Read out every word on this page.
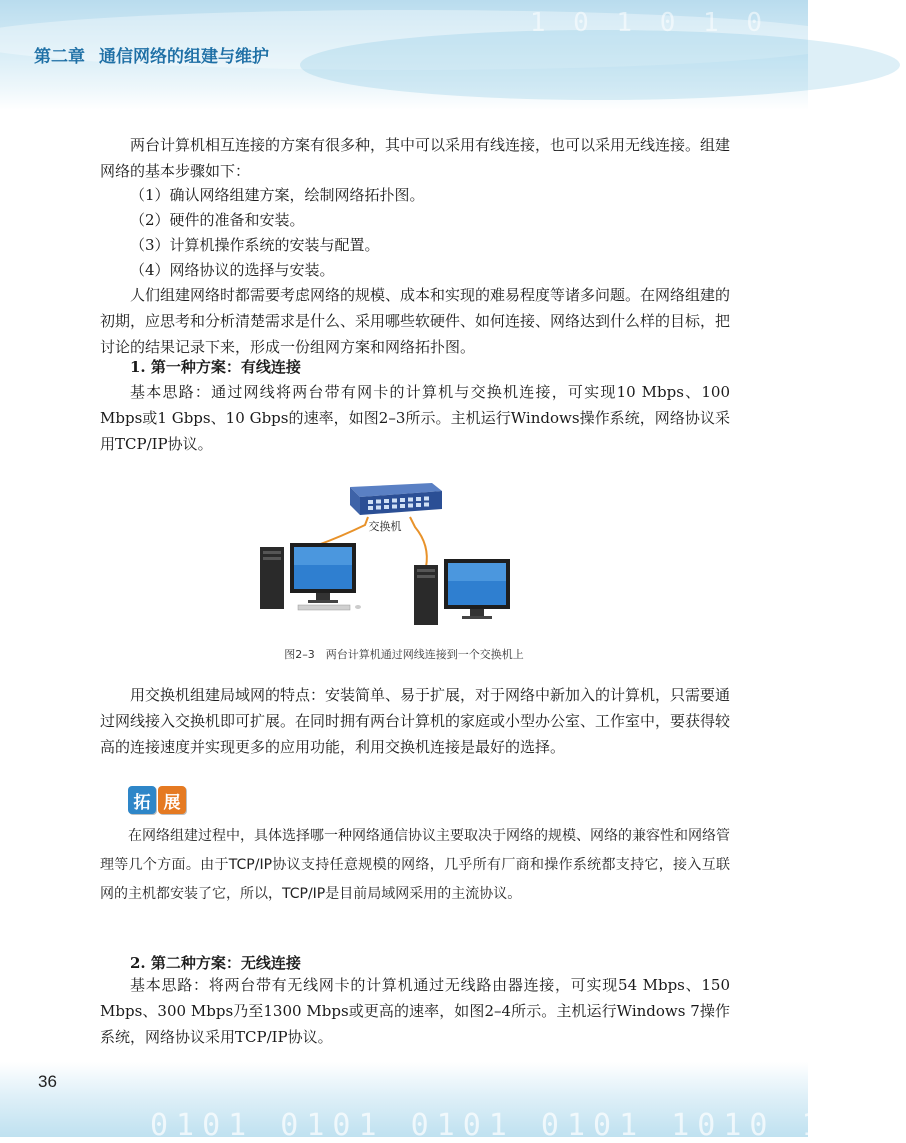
1 0 1 0 1 0
第二章 通信网络的组建与维护

两台计算机相互连接的方案有很多种，其中可以采用有线连接，也可以采用无线连接。组建网络的基本步骤如下：

（1）确认网络组建方案，绘制网络拓扑图。

（2）硬件的准备和安装。

（3）计算机操作系统的安装与配置。

（4）网络协议的选择与安装。

人们组建网络时都需要考虑网络的规模、成本和实现的难易程度等诸多问题。在网络组建的初期，应思考和分析清楚需求是什么、采用哪些软硬件、如何连接、网络达到什么样的目标，把讨论的结果记录下来，形成一份组网方案和网络拓扑图。

1. 第一种方案：有线连接

基本思路：通过网线将两台带有网卡的计算机与交换机连接，可实现10 Mbps、100 Mbps或1 Gbps、10 Gbps的速率，如图2–3所示。主机运行Windows操作系统，网络协议采用TCP/IP协议。

用交换机组建局域网的特点：安装简单、易于扩展，对于网络中新加入的计算机，只需要通过网线接入交换机即可扩展。在同时拥有两台计算机的家庭或小型办公室、工作室中，要获得较高的连接速度并实现更多的应用功能，利用交换机连接是最好的选择。

在网络组建过程中，具体选择哪一种网络通信协议主要取决于网络的规模、网络的兼容性和网络管理等几个方面。由于TCP/IP协议支持任意规模的网络，几乎所有厂商和操作系统都支持它，接入互联网的主机都安装了它，所以，TCP/IP是目前局域网采用的主流协议。

2. 第二种方案：无线连接

基本思路：将两台带有无线网卡的计算机通过无线路由器连接，可实现54 Mbps、150 Mbps、300 Mbps乃至1300 Mbps或更高的速率，如图2–4所示。主机运行Windows 7操作系统，网络协议采用TCP/IP协议。

交换机
图2–3　两台计算机通过网线连接到一个交换机上
拓 展
0101 0101 0101 0101 1010 1010
36
